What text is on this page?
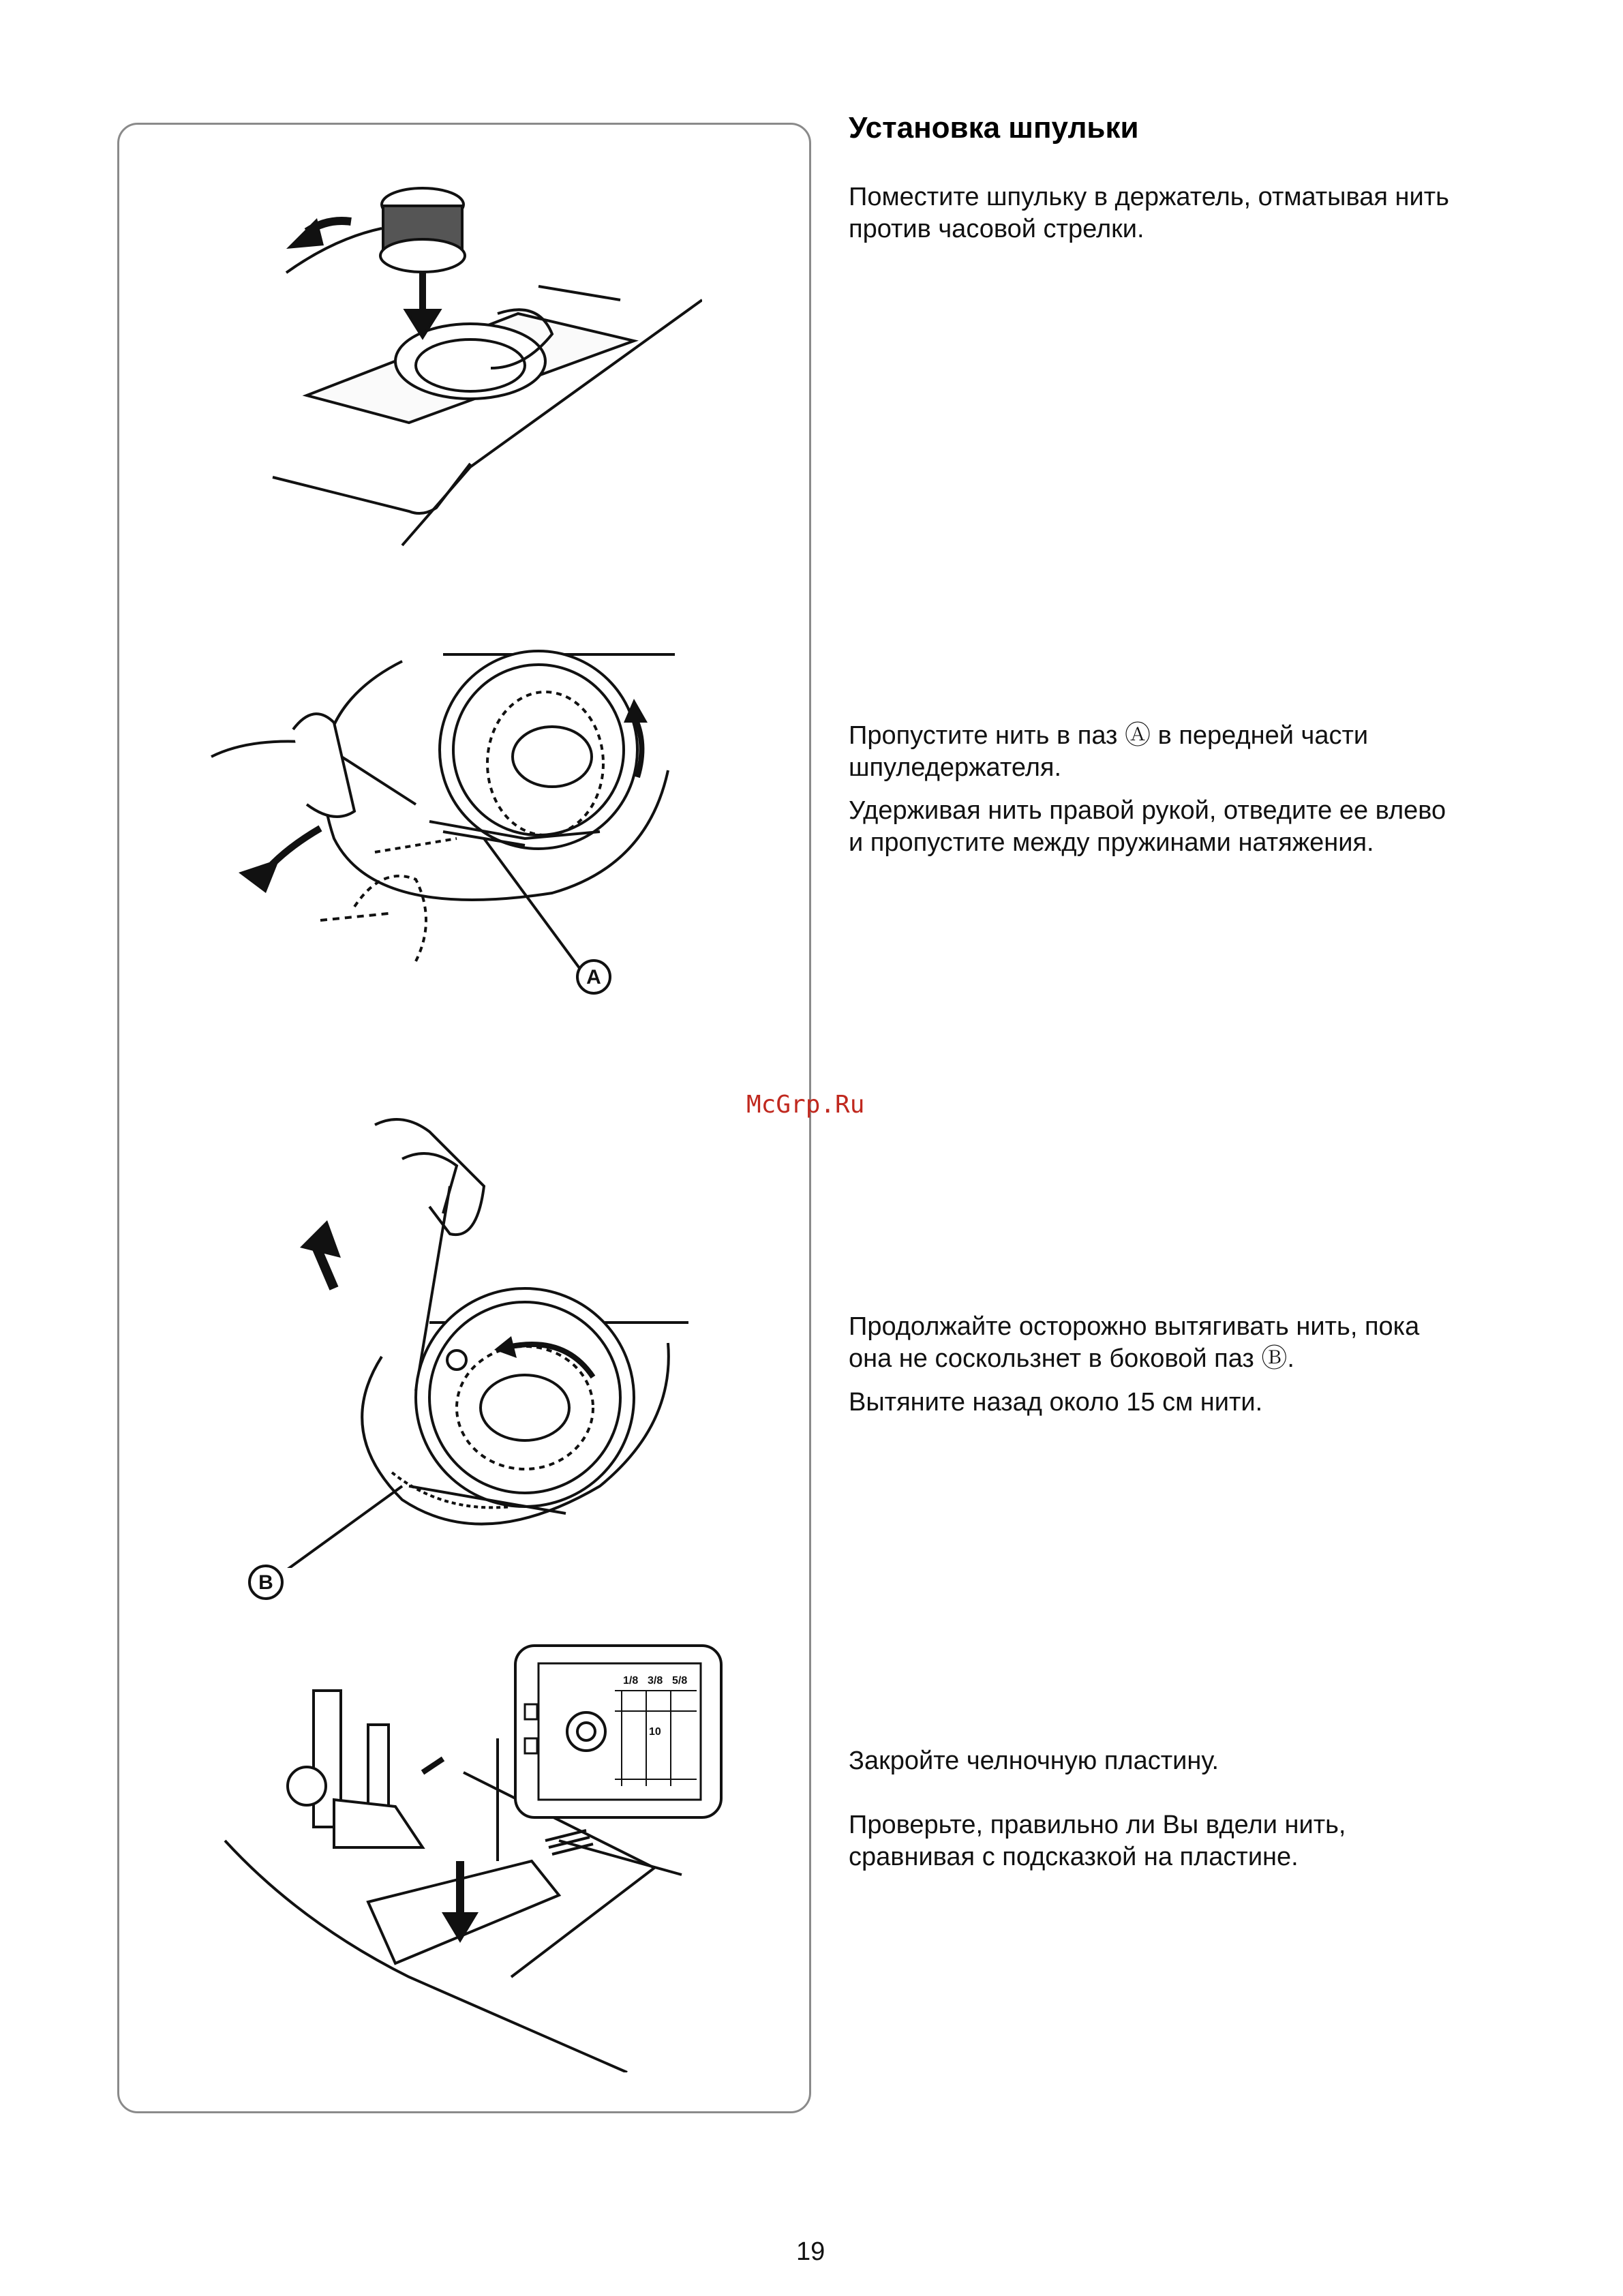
A
B
1/8 3/8 5/8
10
Установка шпульки

Поместите шпульку в держатель, отматывая нить
против часовой стрелки.

Пропустите нить в паз Ⓐ в передней части
шпуледержателя.

Удерживая нить правой рукой, отведите ее влево
и пропустите между пружинами натяжения.

Продолжайте осторожно вытягивать нить, пока
она не соскользнет в боковой паз Ⓑ.

Вытяните назад около 15 см нити.

Закройте челночную пластину.

Проверьте, правильно ли Вы вдели нить,
сравнивая с подсказкой на пластине.

McGrp.Ru
19
